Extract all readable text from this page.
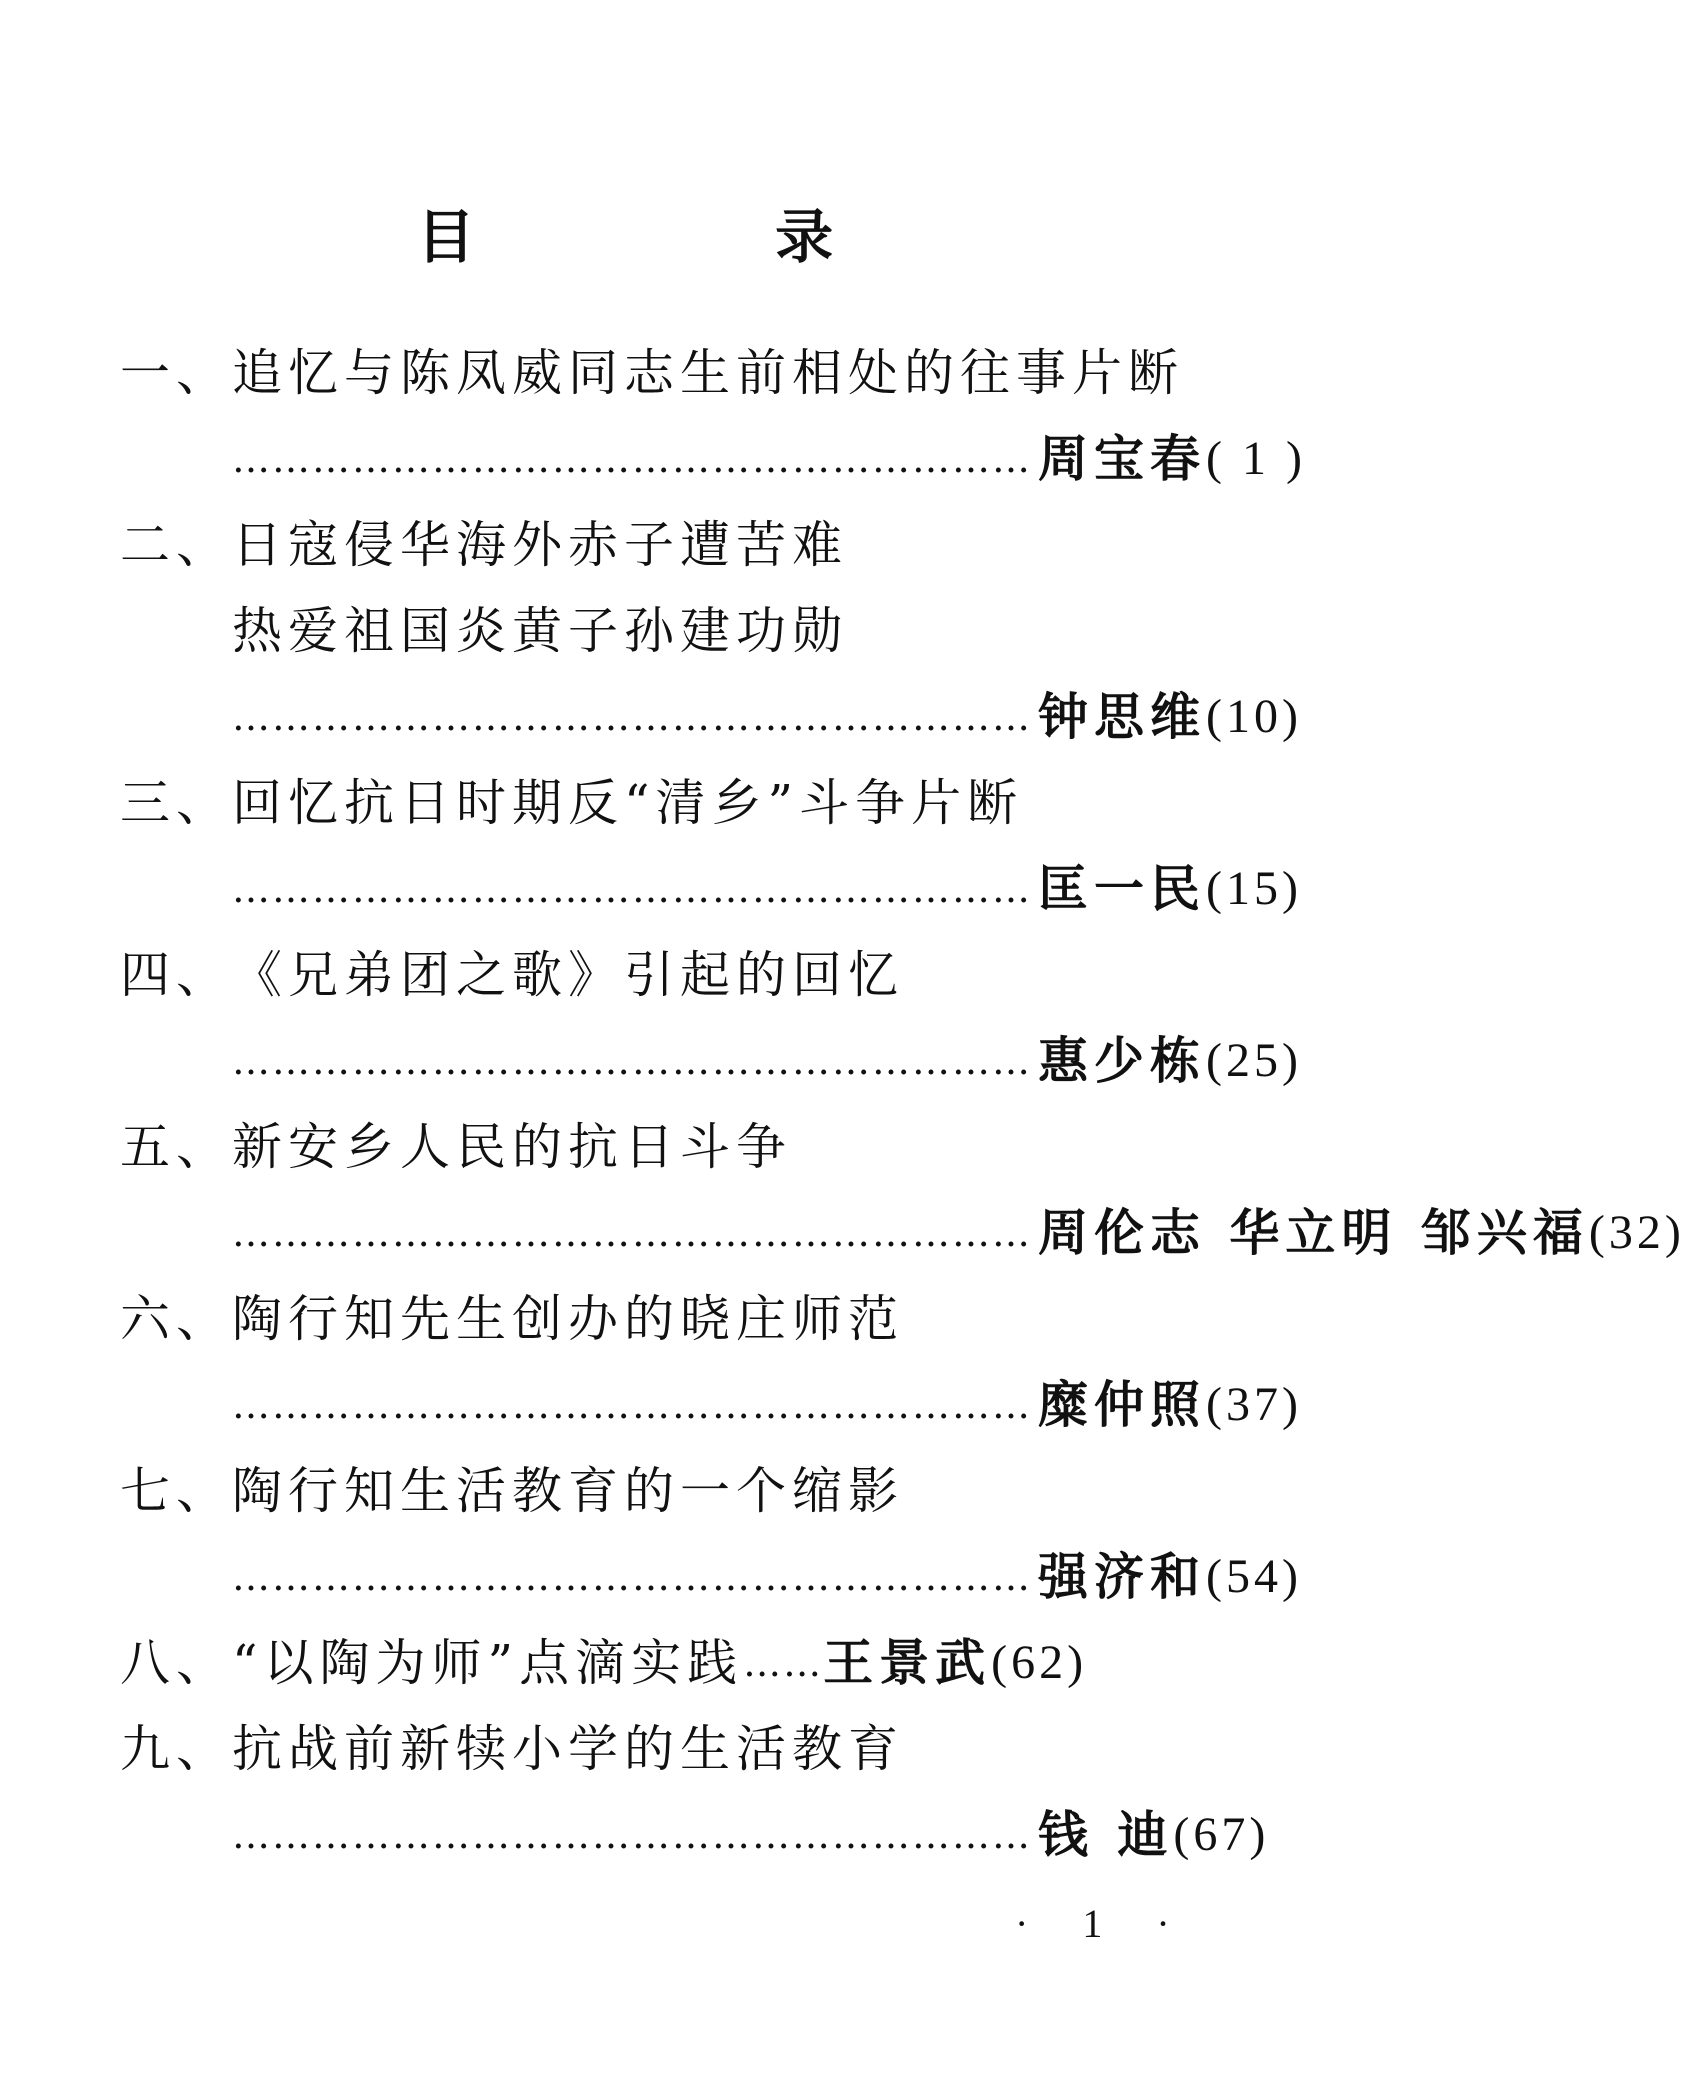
目 录
一、追忆与陈凤威同志生前相处的往事片断
…………………………………………………… 周宝春 ( 1 )
二、日寇侵华海外赤子遭苦难
热爱祖国炎黄子孙建功勋
…………………………………………………… 钟思维 (10)
三、回忆抗日时期反“清乡”斗争片断
…………………………………………………… 匡一民 (15)
四、《兄弟团之歌》引起的回忆
…………………………………………………… 惠少栋 (25)
五、新安乡人民的抗日斗争
…………………………………………………… 周伦志 华立明 邹兴福 (32)
六、陶行知先生创办的晓庄师范
…………………………………………………… 糜仲照 (37)
七、陶行知生活教育的一个缩影
…………………………………………………… 强济和 (54)
八、 “以陶为师”点滴实践 …… 王景武 (62)
九、抗战前新犊小学的生活教育
…………………………………………………… 钱 迪 (67)
· 1 ·
